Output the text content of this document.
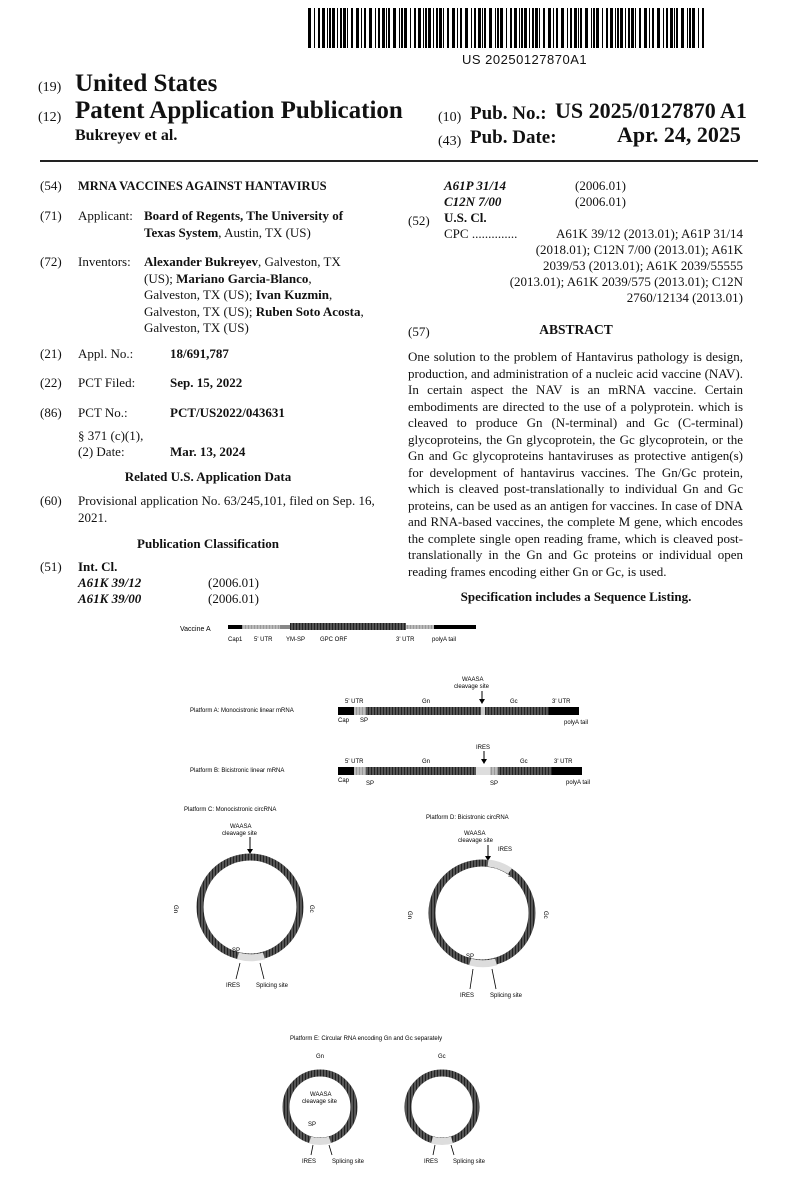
US 20250127870A1
(19) United States
(12) Patent Application Publication
Bukreyev et al.
(10) Pub. No.: US 2025/0127870 A1
(43) Pub. Date:	Apr. 24, 2025
(54) MRNA VACCINES AGAINST HANTAVIRUS
(71) Applicant: Board of Regents, The University of Texas System, Austin, TX (US)
(72) Inventors: Alexander Bukreyev, Galveston, TX (US); Mariano Garcia-Blanco, Galveston, TX (US); Ivan Kuzmin, Galveston, TX (US); Ruben Soto Acosta, Galveston, TX (US)
(21) Appl. No.:	18/691,787
(22) PCT Filed:	Sep. 15, 2022
(86) PCT No.:	PCT/US2022/043631
§ 371 (c)(1),
(2) Date:	Mar. 13, 2024
Related U.S. Application Data
(60) Provisional application No. 63/245,101, filed on Sep. 16, 2021.
Publication Classification
(51) Int. Cl.
A61K 39/12	(2006.01)
A61K 39/00	(2006.01)
A61P 31/14	(2006.01)
C12N 7/00	(2006.01)
(52) U.S. Cl.
CPC ..............	A61K 39/12 (2013.01); A61P 31/14
(2018.01); C12N 7/00 (2013.01); A61K
2039/53 (2013.01); A61K 2039/55555
(2013.01); A61K 2039/575 (2013.01); C12N
2760/12134 (2013.01)
(57)	ABSTRACT
One solution to the problem of Hantavirus pathology is design, production, and administration of a nucleic acid vaccine (NAV). In certain aspect the NAV is an mRNA vaccine. Certain embodiments are directed to the use of a polyprotein. which is cleaved to produce Gn (N-terminal) and Gc (C-terminal) glycoproteins, the Gn glycoprotein, the Gc glycoprotein, or the Gn and Gc glycoproteins hantaviruses as protective antigen(s) for development of hantavirus vaccines. The Gn/Gc protein, which is cleaved post-translationally to individual Gn and Gc proteins, can be used as an antigen for vaccines. In case of DNA and RNA-based vaccines, the complete M gene, which encodes the complete single open reading frame, which is cleaved post-translationally in the Gn and Gc proteins or individual open reading frames encoding either Gn or Gc, is used.
Specification includes a Sequence Listing.
Vaccine A
Cap1 5' UTR YM-SP GPC ORF	3' UTR	polyA tail
Platform A: Monocistronic linear mRNA
WAASA
cleavage site
5' UTR	Gn	Gc	3' UTR
Cap SP	polyA tail
Platform B: Bicistronic linear mRNA
IRES
5' UTR	Gn	Gc	3' UTR
Cap	SP	SP	polyA tail
Platform C: Monocistronic circRNA
WAASA
cleavage site
Gn	Gc
SP
IRES	Splicing site
Platform D: Bicistronic circRNA
WAASA
cleavage site
IRES
SP
Gn	Gc
SP
IRES	Splicing site
Platform E: Circular RNA encoding Gn and Gc separately
Gn	Gc
WAASA
cleavage site
SP
IRES	Splicing site	IRES Splicing site
